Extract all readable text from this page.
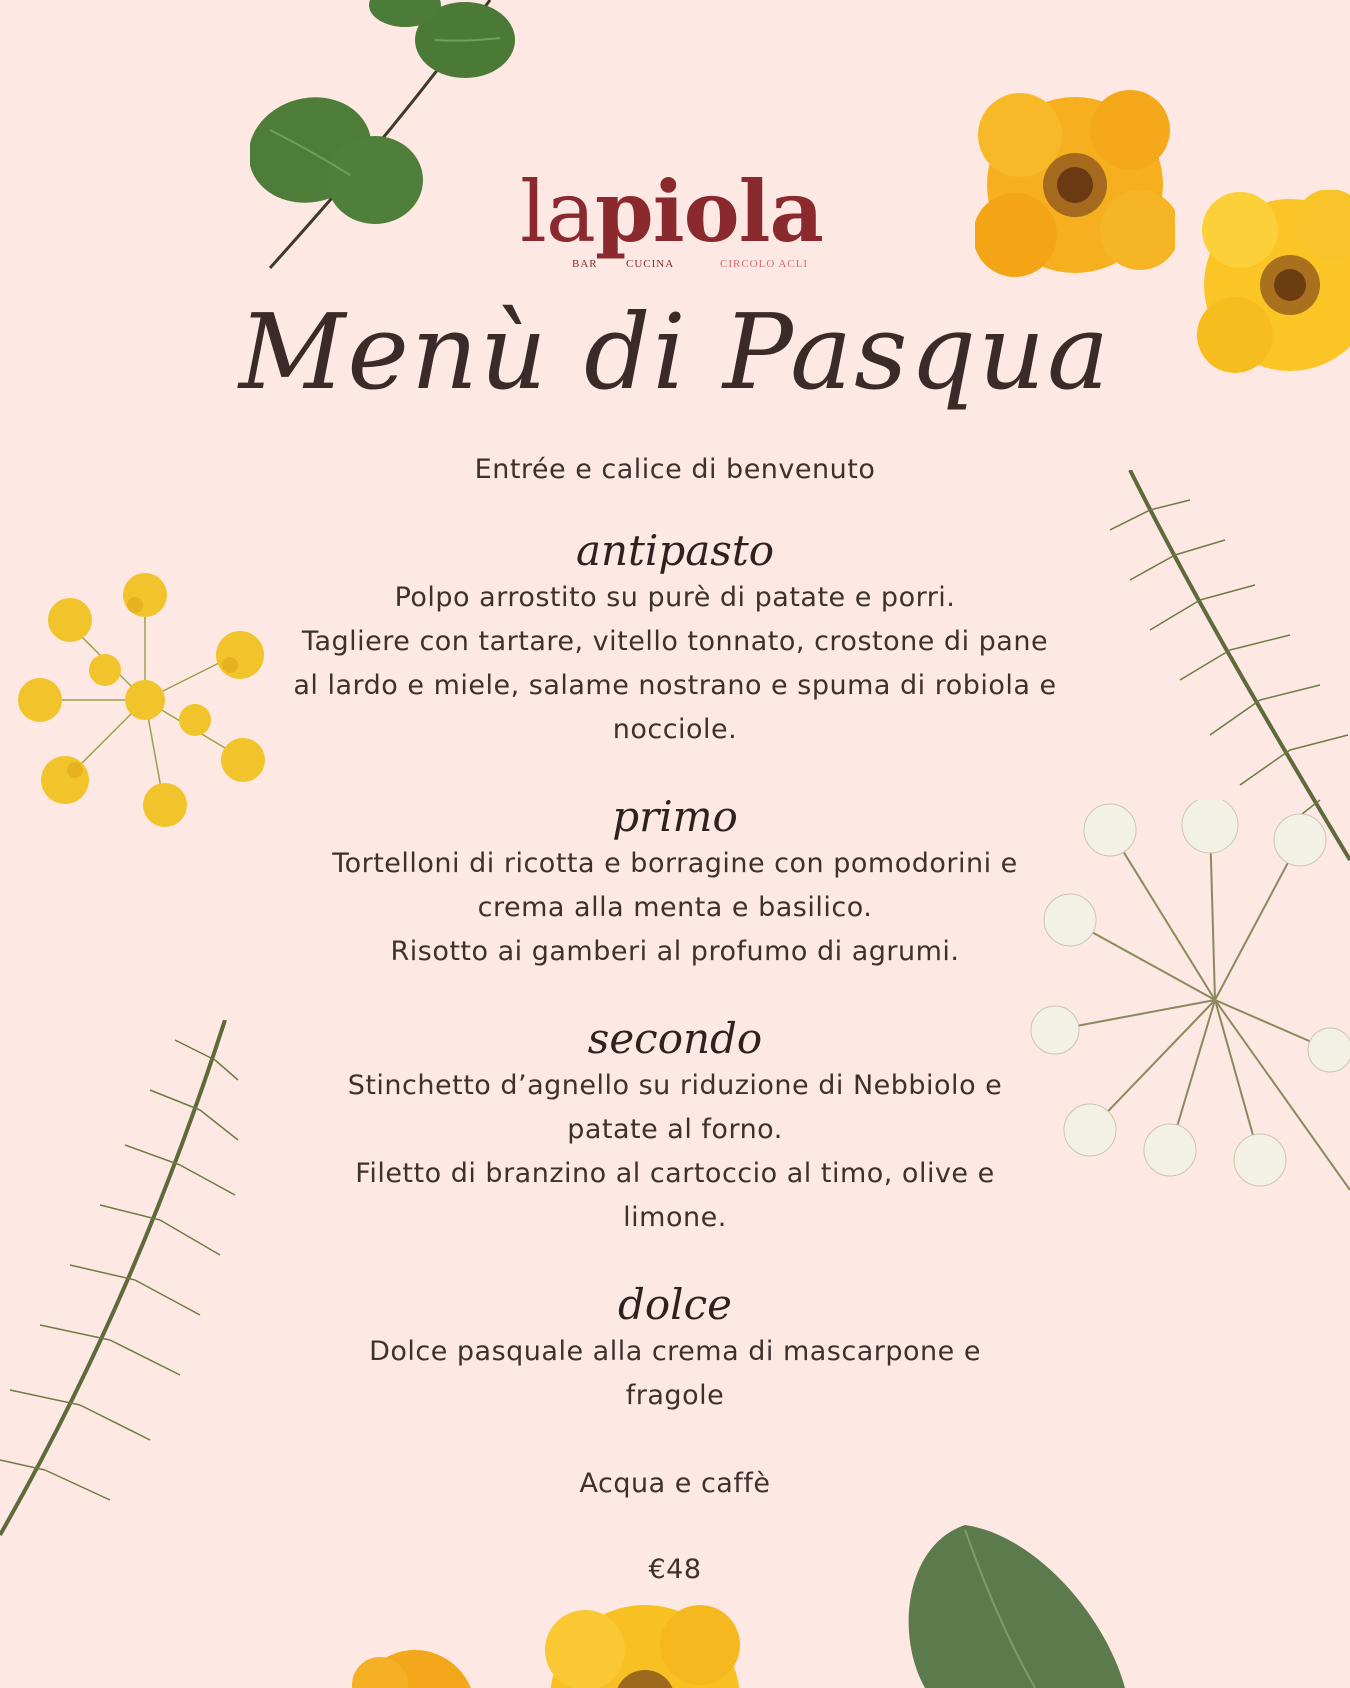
lapiola
BAR	CUCINA	CIRCOLO ACLI
Menù di Pasqua

Entrée e calice di benvenuto

antipasto

Polpo arrostito su purè di patate e porri.

Tagliere con tartare, vitello tonnato, crostone di pane

al lardo e miele, salame nostrano e spuma di robiola e

nocciole.

primo

Tortelloni di ricotta e borragine con pomodorini e

crema alla menta e basilico.

Risotto ai gamberi al profumo di agrumi.

secondo

Stinchetto d’agnello su riduzione di Nebbiolo e

patate al forno.

Filetto di branzino al cartoccio al timo, olive e

limone.

dolce

Dolce pasquale alla crema di mascarpone e

fragole

Acqua e caffè

€48
